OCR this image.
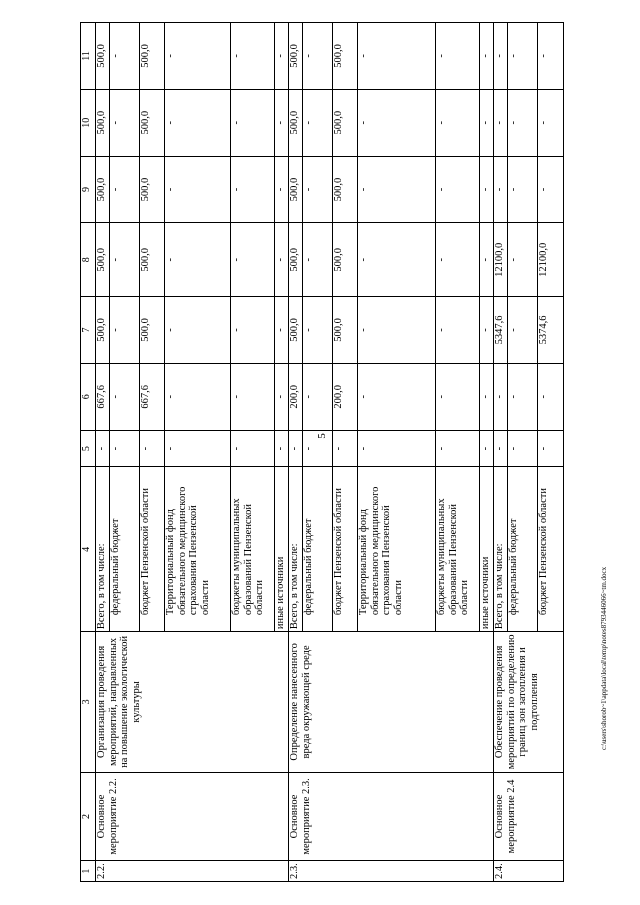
5
1	2	3	4	5	6	7	8	9	10	11
2.2.	Основное мероприятие 2.2.	Организация проведения мероприятий, направленных на повышение экологической культуры	Всего, в том числе:	-	667,6	500,0	500,0	500,0	500,0	500,0

			федеральный бюджет	-	-	-	-	-	-	-

			бюджет Пензенской области	-	667,6	500,0	500,0	500,0	500,0	500,0

			Территориальный фонд обязательного медицинского страхования Пензенской области	-	-	-	-	-	-	-

			бюджеты муниципальных образований Пензенской области	-	-	-	-	-	-	-

			иные источники	-	-	-	-	-	-	-
2.3.	Основное мероприятие 2.3.	Определение нанесенного вреда окружающей среде	Всего, в том числе:	-	200,0	500,0	500,0	500,0	500,0	500,0

			федеральный бюджет	-	-	-	-	-	-	-

			бюджет Пензенской области	-	200,0	500,0	500,0	500,0	500,0	500,0

			Территориальный фонд обязательного медицинского страхования Пензенской области	-	-	-	-	-	-	-

			бюджеты муниципальных образований Пензенской области	-	-	-	-	-	-	-

			иные источники	-	-	-	-	-	-	-
2.4.	Основное мероприятие 2.4	Обеспечение проведения мероприятий по определению границ зон затопления и подтопления	Всего, в том числе:	-	-	5347,6	12100,0	-	-	-

			федеральный бюджет	-	-	-	-	-	-	-

			бюджет Пензенской области	-	-	5374,6	12100,0	-	-	-
c:\users\shorob~1\appdata\local\temp\notes8793446066~tm.docx
